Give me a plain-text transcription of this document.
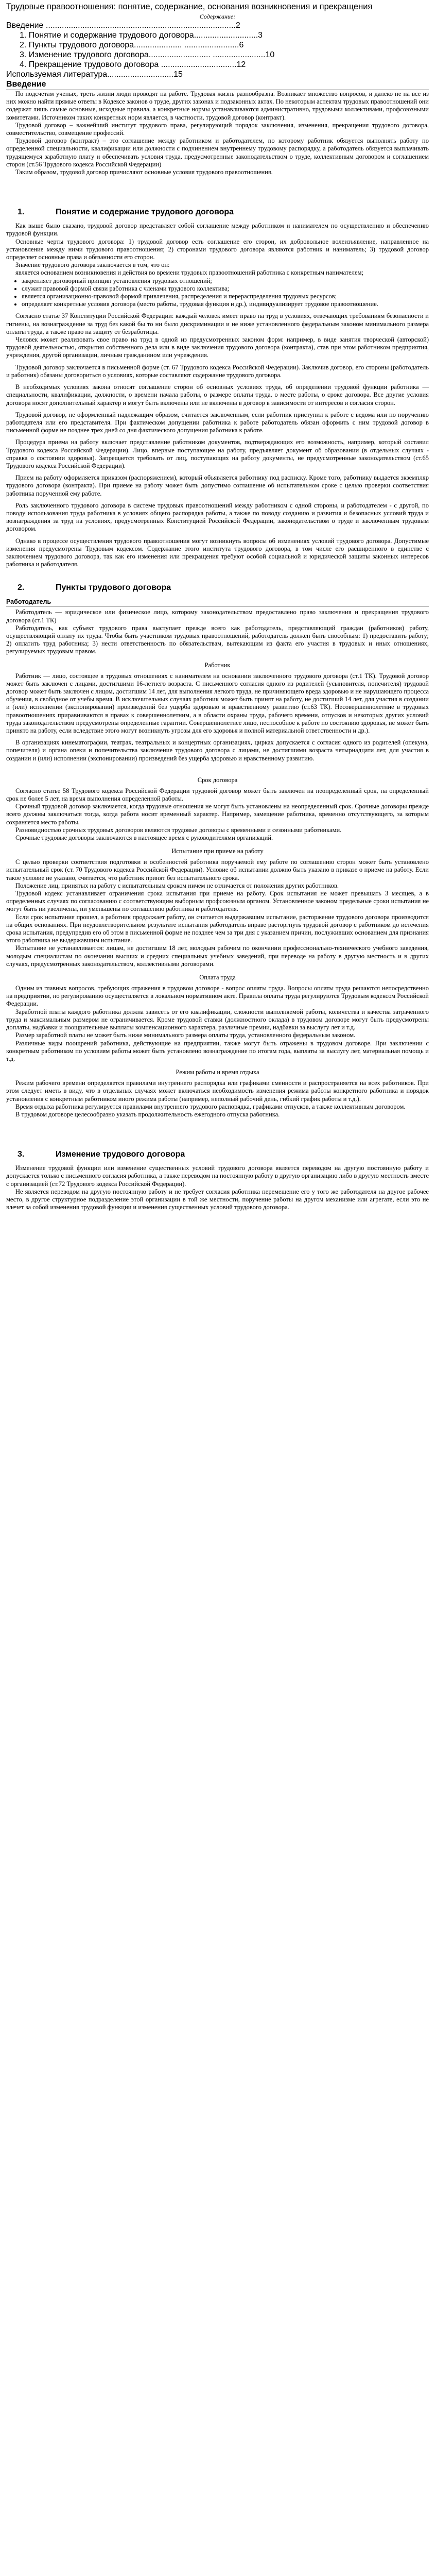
Трудовые правоотношения: понятие, содержание, основания возникновения и прекращения

Содержание:

Введение ...................................................................................2

1. Понятие и содержание трудового договора............................3

2. Пункты трудового договора..................... ........................6

3. Изменение трудового договора........................... .......................10

4. Прекращение трудового договора .................................12

Используемая литература.............................15

Введение

По подсчетам ученых, треть жизни люди проводят на работе. Трудовая жизнь разнообразна. Возникает множество вопросов, и далеко не на все из них можно найти прямые ответы в Кодексе законов о труде, других законах и подзаконных актах. По некоторым аспектам трудовых правоотношений они содержат лишь самые основные, исходные правила, а конкретные нормы устанавливаются административно, трудовыми коллективами, профсоюзными комитетами. Источником таких конкретных норм является, в частности, трудовой договор (контракт).

Трудовой договор – важнейший институт трудового права, регулирующий порядок заключения, изменения, прекращения трудового договора, совместительство, совмещение профессий.

Трудовой договор (контракт) – это соглашение между работником и работодателем, по которому работник обязуется выполнять работу по определенной специальности, квалификации или должности с подчинением внутреннему трудовому распорядку, а работодатель обязуется выплачивать трудящемуся заработную плату и обеспечивать условия труда, предусмотренные законодательством о труде, коллективным договором и соглашением сторон (ст.56 Трудового кодекса Российской Федерации)

Таким образом, трудовой договор причисляют основные условия трудового правоотношения.

1.	Понятие и содержание трудового договора

Как выше было сказано, трудовой договор представляет собой соглашение между работником и нанимателем по осуществлению и обеспечению трудовой функции.

Основные черты трудового договора: 1) трудовой договор есть соглашение его сторон, их добровольное волеизъявление, направленное на установление между ними трудового правоотношения; 2) сторонами трудового договора являются работник и наниматель; 3) трудовой договор определяет основные права и обязанности его сторон.

Значение трудового договора заключается в том, что он:

является основанием возникновения и действия во времени трудовых правоотношений работника с конкретным нанимателем;

• закрепляет договорный принцип установления трудовых отношений;
• служит правовой формой связи работника с членами трудового коллектива;
• является организационно-правовой формой привлечения, распределения и перераспределения трудовых ресурсов;
• определяет конкретные условия договора (место работы, трудовая функция и др.), индивидуализирует трудовое правоотношение.

Согласно статье 37 Конституции Российской Федерации: каждый человек имеет право на труд в условиях, отвечающих требованиям безопасности и гигиены, на вознаграждение за труд без какой бы то ни было дискриминации и не ниже установленного федеральным законом минимального размера оплаты труда, а также право на защиту от безработицы.

Человек может реализовать свое право на труд в одной из предусмотренных законом форм: например, в виде занятия творческой (авторской) трудовой деятельностью, открытия собственного дела или в виде заключения трудового договора (контракта), став при этом работником предприятия, учреждения, другой организации, личным гражданином или учреждения.

Трудовой договор заключается в письменной форме (ст. 67 Трудового кодекса Российской Федерации). Заключив договор, его стороны (работодатель и работник) обязаны договориться о условиях, которые составляют содержание трудового договора.

В необходимых условиях закона относят соглашение сторон об основных условиях труда, об определении трудовой функции работника — специальности, квалификации, должности, о времени начала работы, о размере оплаты труда, о месте работы, о сроке договора. Все другие условия договора носят дополнительный характер и могут быть включены или не включены в договор в зависимости от интересов и согласия сторон.

Трудовой договор, не оформленный надлежащим образом, считается заключенным, если работник приступил к работе с ведома или по поручению работодателя или его представителя. При фактическом допущении работника к работе работодатель обязан оформить с ним трудовой договор в письменной форме не позднее трех дней со дня фактического допущения работника к работе.

Процедура приема на работу включает представление работником документов, подтверждающих его возможность, например, который составил Трудового кодекса Российской Федерации). Лицо, впервые поступающее на работу, предъявляет документ об образовании (в отдельных случаях - справка о состоянии здоровья). Запрещается требовать от лиц, поступающих на работу документы, не предусмотренные законодательством (ст.65 Трудового кодекса Российской Федерации).

Прием на работу оформляется приказом (распоряжением), который объявляется работнику под расписку. Кроме того, работнику выдается экземпляр трудового договора (контракта). При приеме на работу может быть допустимо соглашение об испытательном сроке с целью проверки соответствия работника порученной ему работе.

Роль заключенного трудового договора в системе трудовых правоотношений между работником с одной стороны, и работодателем - с другой, по поводу использования труда работника в условиях общего распорядка работы, а также по поводу созданию и развития и безопасных условий труда и вознаграждения за труд на условиях, предусмотренных Конституцией Российской Федерации, законодательством о труде и заключенным трудовым договором.

Однако в процессе осуществления трудового правоотношения могут возникнуть вопросы об изменениях условий трудового договора. Допустимые изменения предусмотрены Трудовым кодексом. Содержание этого института трудового договора, в том числе его расширенного в единстве с заключением трудового договора, так как его изменения или прекращения требуют особой социальной и юридической защиты законных интересов работника и работодателя.

2.	Пункты трудового договора
Работодатель

Работодатель — юридическое или физическое лицо, которому законодательством предоставлено право заключения и прекращения трудового договора (ст.1 ТК)

Работодатель, как субъект трудового права выступает прежде всего как работодатель, представляющий граждан (работников) работу, осуществляющий оплату их труда. Чтобы быть участником трудовых правоотношений, работодатель должен быть способным: 1) предоставить работу; 2) оплатить труд работника; 3) нести ответственность по обязательствам, вытекающим из факта его участия в трудовых и иных отношениях, регулируемых трудовым правом.

Работник

Работник — лицо, состоящее в трудовых отношениях с нанимателем на основании заключенного трудового договора (ст.1 ТК). Трудовой договор может быть заключен с лицами, достигшими 16-летнего возраста. С письменного согласия одного из родителей (усыновителя, попечителя) трудовой договор может быть заключен с лицом, достигшим 14 лет, для выполнения легкого труда, не причиняющего вреда здоровью и не нарушающего процесса обучения, в свободное от учебы время. В исключительных случаях работник может быть принят на работу, не достигший 14 лет, для участия в создании и (или) исполнении (экспонировании) произведений без ущерба здоровью и нравственному развитию (ст.63 ТК). Несовершеннолетние в трудовых правоотношениях приравниваются в правах к совершеннолетним, а в области охраны труда, рабочего времени, отпусков и некоторых других условий труда законодательством предусмотрены определенные гарантии. Совершеннолетнее лицо, неспособное к работе по состоянию здоровья, не может быть принято на работу, если вследствие этого могут возникнуть угрозы для его здоровья и полной материальной ответственности и др.).

В организациях кинематографии, театрах, театральных и концертных организациях, цирках допускается с согласия одного из родителей (опекуна, попечителя) и органа опеки и попечительства заключение трудового договора с лицами, не достигшими возраста четырнадцати лет, для участия в создании и (или) исполнении (экспонировании) произведений без ущерба здоровью и нравственному развитию.

Срок договора

Согласно статье 58 Трудового кодекса Российской Федерации трудовой договор может быть заключен на неопределенный срок, на определенный срок не более 5 лет, на время выполнения определенной работы.

Срочный трудовой договор заключается, когда трудовые отношения не могут быть установлены на неопределенный срок. Срочные договоры прежде всего должны заключаться тогда, когда работа носит временный характер. Например, замещение работника, временно отсутствующего, за которым сохраняется место работы.

Разновидностью срочных трудовых договоров являются трудовые договоры с временными и сезонными работниками.

Срочные трудовые договоры заключаются в настоящее время с руководителями организаций.

Испытание при приеме на работу

С целью проверки соответствия подготовки и особенностей работника поручаемой ему работе по соглашению сторон может быть установлено испытательный срок (ст. 70 Трудового кодекса Российской Федерации). Условие об испытании должно быть указано в приказе о приеме на работу. Если такое условие не указано, считается, что работник принят без испытательного срока.

Положение лиц, принятых на работу с испытательным сроком ничем не отличается от положения других работников.

Трудовой кодекс устанавливает ограничения срока испытания при приеме на работу. Срок испытания не может превышать 3 месяцев, а в определенных случаях по согласованию с соответствующим выборным профсоюзным органом. Установленное законом предельные сроки испытания не могут быть ни увеличены, ни уменьшены по соглашению работника и работодателя.

Если срок испытания прошел, а работник продолжает работу, он считается выдержавшим испытание, расторжение трудового договора производится на общих основаниях. При неудовлетворительном результате испытания работодатель вправе расторгнуть трудовой договор с работником до истечения срока испытания, предупредив его об этом в письменной форме не позднее чем за три дня с указанием причин, послуживших основанием для признания этого работника не выдержавшим испытание.

Испытание не устанавливается: лицам, не достигшим 18 лет, молодым рабочим по окончании профессионально-технического учебного заведения, молодым специалистам по окончании высших и средних специальных учебных заведений, при переводе на работу в другую местность и в других случаях, предусмотренных законодательством, коллективными договорами.

Оплата труда

Одним из главных вопросов, требующих отражения в трудовом договоре - вопрос оплаты труда. Вопросы оплаты труда решаются непосредственно на предприятии, но регулированию осуществляется в локальном нормативном акте. Правила оплаты труда регулируются Трудовым кодексом Российской Федерации.

Заработной платы каждого работника должна зависеть от его квалификации, сложности выполняемой работы, количества и качества затраченного труда и максимальным размером не ограничивается. Кроме трудовой ставки (должностного оклада) в трудовом договоре могут быть предусмотрены доплаты, надбавки и поощрительные выплаты компенсационного характера, различные премии, надбавки за выслугу лет и т.д.

Размер заработной платы не может быть ниже минимального размера оплаты труда, установленного федеральным законом.

Различные виды поощрений работника, действующие на предприятии, также могут быть отражены в трудовом договоре. При заключении с конкретным работником по условиям работы может быть установлено вознаграждение по итогам года, выплаты за выслугу лет, материальная помощь и т.д.

Режим работы и время отдыха

Режим рабочего времени определяется правилами внутреннего распорядка или графиками сменности и распространяется на всех работников. При этом следует иметь в виду, что в отдельных случаях может включаться необходимость изменения режима работы конкретного работника и порядок установления с конкретным работником иного режима работы (например, неполный рабочий день, гибкий график работы и т.д.).

Время отдыха работника регулируется правилами внутреннего трудового распорядка, графиками отпусков, а также коллективным договором.

В трудовом договоре целесообразно указать продолжительность ежегодного отпуска работника.

3.	Изменение трудового договора

Изменение трудовой функции или изменение существенных условий трудового договора является переводом на другую постоянную работу и допускается только с письменного согласия работника, а также переводом на постоянную работу в другую организацию либо в другую местность вместе с организацией (ст.72 Трудового кодекса Российской Федерации).

Не является переводом на другую постоянную работу и не требует согласия работника перемещение его у того же работодателя на другое рабочее место, в другое структурное подразделение этой организации в той же местности, поручение работы на другом механизме или агрегате, если это не влечет за собой изменения трудовой функции и изменения существенных условий трудового договора.
